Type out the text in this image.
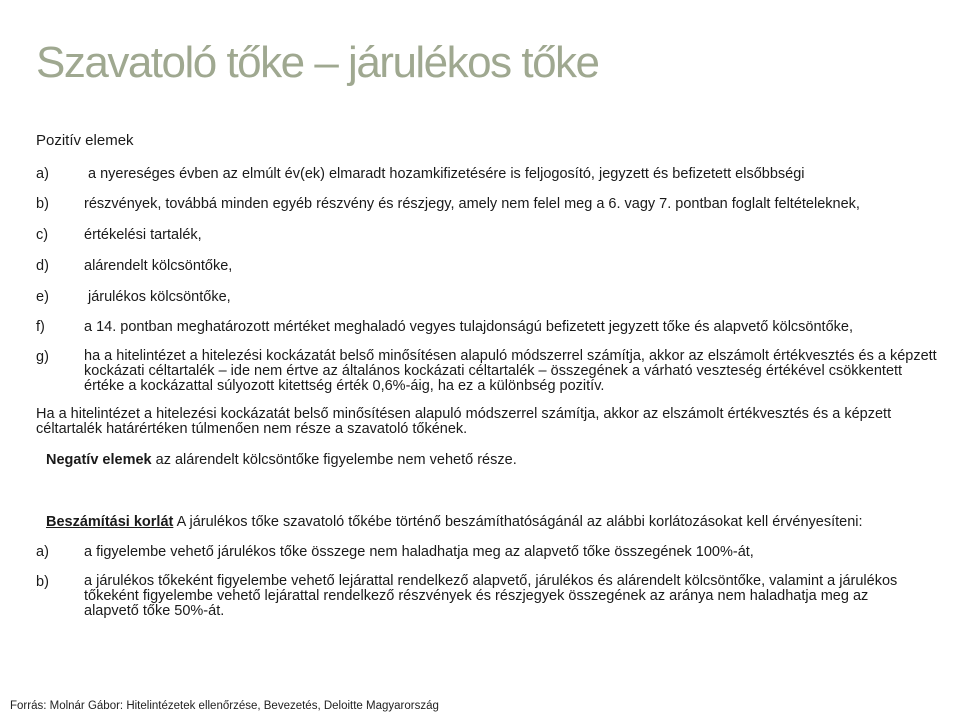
Szavatoló tőke – járulékos tőke
Pozitív elemek
a)	a nyereséges évben az elmúlt év(ek) elmaradt hozamkifizetésére is feljogosító, jegyzett és befizetett elsőbbségi
b) részvények, továbbá minden egyéb részvény és részjegy, amely nem felel meg a 6. vagy 7. pontban foglalt feltételeknek,
c) értékelési tartalék,
d) alárendelt kölcsöntőke,
e)	járulékos kölcsöntőke,
f)	a 14. pontban meghatározott mértéket meghaladó vegyes tulajdonságú befizetett jegyzett tőke és alapvető kölcsöntőke,
g) ha a hitelintézet a hitelezési kockázatát belső minősítésen alapuló módszerrel számítja, akkor az elszámolt értékvesztés és a képzett kockázati céltartalék – ide nem értve az általános kockázati céltartalék – összegének a várható veszteség értékével csökkentett értéke a kockázattal súlyozott kitettség érték 0,6%-áig, ha ez a különbség pozitív.
Ha a hitelintézet a hitelezési kockázatát belső minősítésen alapuló módszerrel számítja, akkor az elszámolt értékvesztés és a képzett céltartalék határértéken túlmenően nem része a szavatoló tőkének.
Negatív elemek az alárendelt kölcsöntőke figyelembe nem vehető része.
Beszámítási korlát A járulékos tőke szavatoló tőkébe történő beszámíthatóságánál az alábbi korlátozásokat kell érvényesíteni:
a) a figyelembe vehető járulékos tőke összege nem haladhatja meg az alapvető tőke összegének 100%-át,
b) a járulékos tőkeként figyelembe vehető lejárattal rendelkező alapvető, járulékos és alárendelt kölcsöntőke, valamint a járulékos tőkeként figyelembe vehető lejárattal rendelkező részvények és részjegyek összegének az aránya nem haladhatja meg az alapvető tőke 50%-át.
Forrás: Molnár Gábor: Hitelintézetek ellenőrzése, Bevezetés, Deloitte Magyarország
